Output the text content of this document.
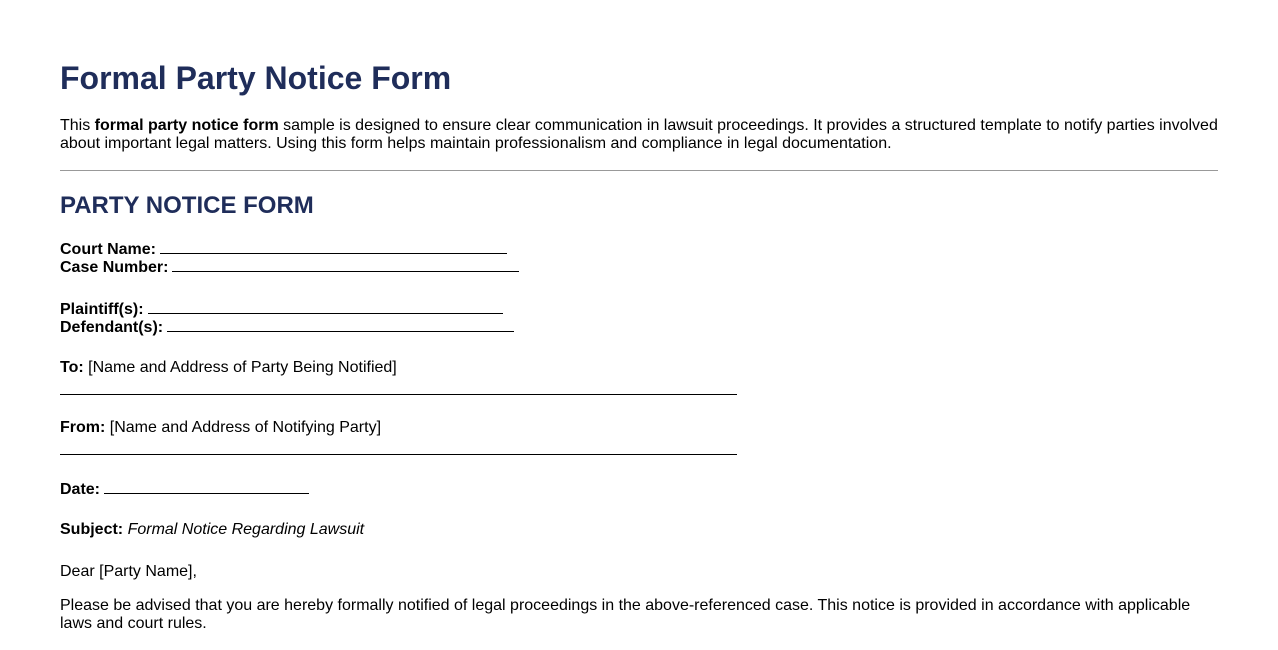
Formal Party Notice Form

This formal party notice form sample is designed to ensure clear communication in lawsuit proceedings. It provides a structured template to notify parties involved about important legal matters. Using this form helps maintain professionalism and compliance in legal documentation.

PARTY NOTICE FORM
Court Name:
Case Number:
Plaintiff(s):
Defendant(s):
To: [Name and Address of Party Being Notified]
From: [Name and Address of Notifying Party]
Date:
Subject: Formal Notice Regarding Lawsuit
Dear [Party Name],

Please be advised that you are hereby formally notified of legal proceedings in the above-referenced case. This notice is provided in accordance with applicable laws and court rules.
